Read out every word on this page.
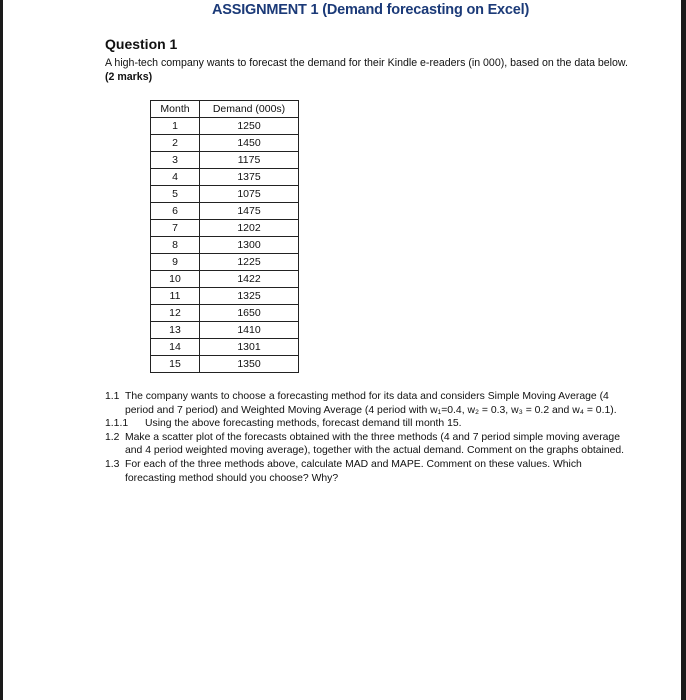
ASSIGNMENT 1 (Demand forecasting on Excel)
Question 1
A high-tech company wants to forecast the demand for their Kindle e-readers (in 000), based on the data below. (2 marks)
Month	Demand (000s)
1	1250
2	1450
3	1175
4	1375
5	1075
6	1475
7	1202
8	1300
9	1225
10	1422
11	1325
12	1650
13	1410
14	1301
15	1350
1.1 The company wants to choose a forecasting method for its data and considers Simple Moving Average (4 period and 7 period) and Weighted Moving Average (4 period with w₁=0.4, w₂ = 0.3, w₃ = 0.2 and w₄ = 0.1).
1.1.1 Using the above forecasting methods, forecast demand till month 15.
1.2 Make a scatter plot of the forecasts obtained with the three methods (4 and 7 period simple moving average and 4 period weighted moving average), together with the actual demand. Comment on the graphs obtained.
1.3 For each of the three methods above, calculate MAD and MAPE. Comment on these values. Which forecasting method should you choose? Why?
